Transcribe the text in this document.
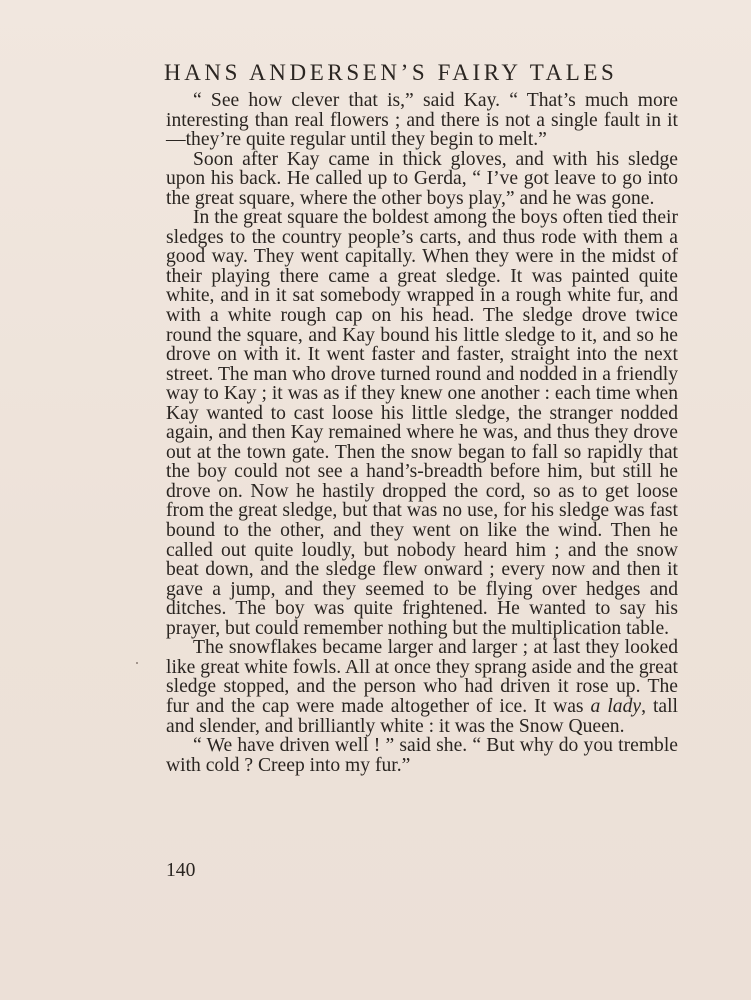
HANS ANDERSEN’S FAIRY TALES

“ See how clever that is,” said Kay. “ That’s much more interesting than real flowers ; and there is not a single fault in it—they’re quite regular until they begin to melt.”

Soon after Kay came in thick gloves, and with his sledge upon his back. He called up to Gerda, “ I’ve got leave to go into the great square, where the other boys play,” and he was gone.

In the great square the boldest among the boys often tied their sledges to the country people’s carts, and thus rode with them a good way. They went capitally. When they were in the midst of their playing there came a great sledge. It was painted quite white, and in it sat somebody wrapped in a rough white fur, and with a white rough cap on his head. The sledge drove twice round the square, and Kay bound his little sledge to it, and so he drove on with it. It went faster and faster, straight into the next street. The man who drove turned round and nodded in a friendly way to Kay ; it was as if they knew one another : each time when Kay wanted to cast loose his little sledge, the stranger nodded again, and then Kay remained where he was, and thus they drove out at the town gate. Then the snow began to fall so rapidly that the boy could not see a hand’s-breadth before him, but still he drove on. Now he hastily dropped the cord, so as to get loose from the great sledge, but that was no use, for his sledge was fast bound to the other, and they went on like the wind. Then he called out quite loudly, but nobody heard him ; and the snow beat down, and the sledge flew onward ; every now and then it gave a jump, and they seemed to be flying over hedges and ditches. The boy was quite frightened. He wanted to say his prayer, but could remember nothing but the multiplication table.

The snowflakes became larger and larger ; at last they looked like great white fowls. All at once they sprang aside and the great sledge stopped, and the person who had driven it rose up. The fur and the cap were made altogether of ice. It was a lady, tall and slender, and brilliantly white : it was the Snow Queen.

“ We have driven well ! ” said she. “ But why do you tremble with cold ? Creep into my fur.”

140
